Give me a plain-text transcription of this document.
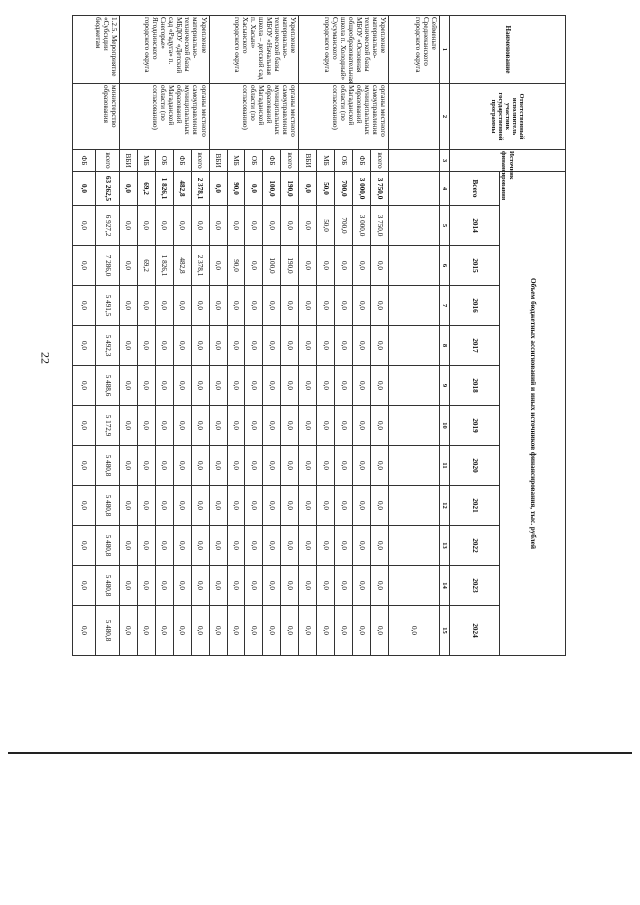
22
Наименование	Ответственный исполнитель участник государственной программы	Источник финансирования	Объем бюджетных ассигнований и иных источников финансирования, тыс. рублей											
			Всего	2014	2015	2016	2017	2018	2019	2020	2021	2022	2023	2024
1	2	3	4	5	6	7	8	9	10	11	12	13	14	15
Сейменьте Среднеканского городского округа														0,0
Укрепление материально-технической базы МБОУ «Основная общеобразовательная школа п. Холодный» Сусуманского городского округа	органы местного самоуправления муниципальных образований Магаданской области (по согласованию)	всего	3 750,0	3 750,0	0,0	0,0	0,0	0,0	0,0	0,0	0,0	0,0	0,0	0,0
		ФБ	3 000,0	3 000,0	0,0	0,0	0,0	0,0	0,0	0,0	0,0	0,0	0,0	0,0
		ОБ	700,0	700,0	0,0	0,0	0,0	0,0	0,0	0,0	0,0	0,0	0,0	0,0
		МБ	50,0	50,0	0,0	0,0	0,0	0,0	0,0	0,0	0,0	0,0	0,0	0,0
		ВБИ	0,0	0,0	0,0	0,0	0,0	0,0	0,0	0,0	0,0	0,0	0,0	0,0
Укрепление материально-технической базы МБОУ «Начальная школа – детский сад п. Хасын» Хасынского городского округа	органы местного самоуправления муниципальных образований Магаданской области (по согласованию)	всего	190,0	0,0	190,0	0,0	0,0	0,0	0,0	0,0	0,0	0,0	0,0	0,0
		ФБ	100,0	0,0	100,0	0,0	0,0	0,0	0,0	0,0	0,0	0,0	0,0	0,0
		ОБ	0,0	0,0	0,0	0,0	0,0	0,0	0,0	0,0	0,0	0,0	0,0	0,0
		МБ	90,0	0,0	90,0	0,0	0,0	0,0	0,0	0,0	0,0	0,0	0,0	0,0
		ВБИ	0,0	0,0	0,0	0,0	0,0	0,0	0,0	0,0	0,0	0,0	0,0	0,0
Укрепление материально-технической базы МБДОУ «Детский сад «Радуга» п. Снегорье» Ягоднинского городского округа	органы местного самоуправления муниципальных образований Магаданской области (по согласованию)	всего	2 378,1	0,0	2 378,1	0,0	0,0	0,0	0,0	0,0	0,0	0,0	0,0	0,0
		ФБ	482,8	0,0	482,8	0,0	0,0	0,0	0,0	0,0	0,0	0,0	0,0	0,0
		ОБ	1 826,1	0,0	1 826,1	0,0	0,0	0,0	0,0	0,0	0,0	0,0	0,0	0,0
		МБ	69,2	0,0	69,2	0,0	0,0	0,0	0,0	0,0	0,0	0,0	0,0	0,0
		ВБИ	0,0	0,0	0,0	0,0	0,0	0,0	0,0	0,0	0,0	0,0	0,0	0,0
1.2.5. Мероприятие «Субсидии бюджетам	министерство образования	всего	63 262,5	6 927,2	7 286,0	5 491,5	5 492,3	5 488,6	5 172,9	5 480,8	5 480,8	5 480,8	5 480,8	5 480,8
		ФБ	0,0	0,0	0,0	0,0	0,0	0,0	0,0	0,0	0,0	0,0	0,0	0,0
